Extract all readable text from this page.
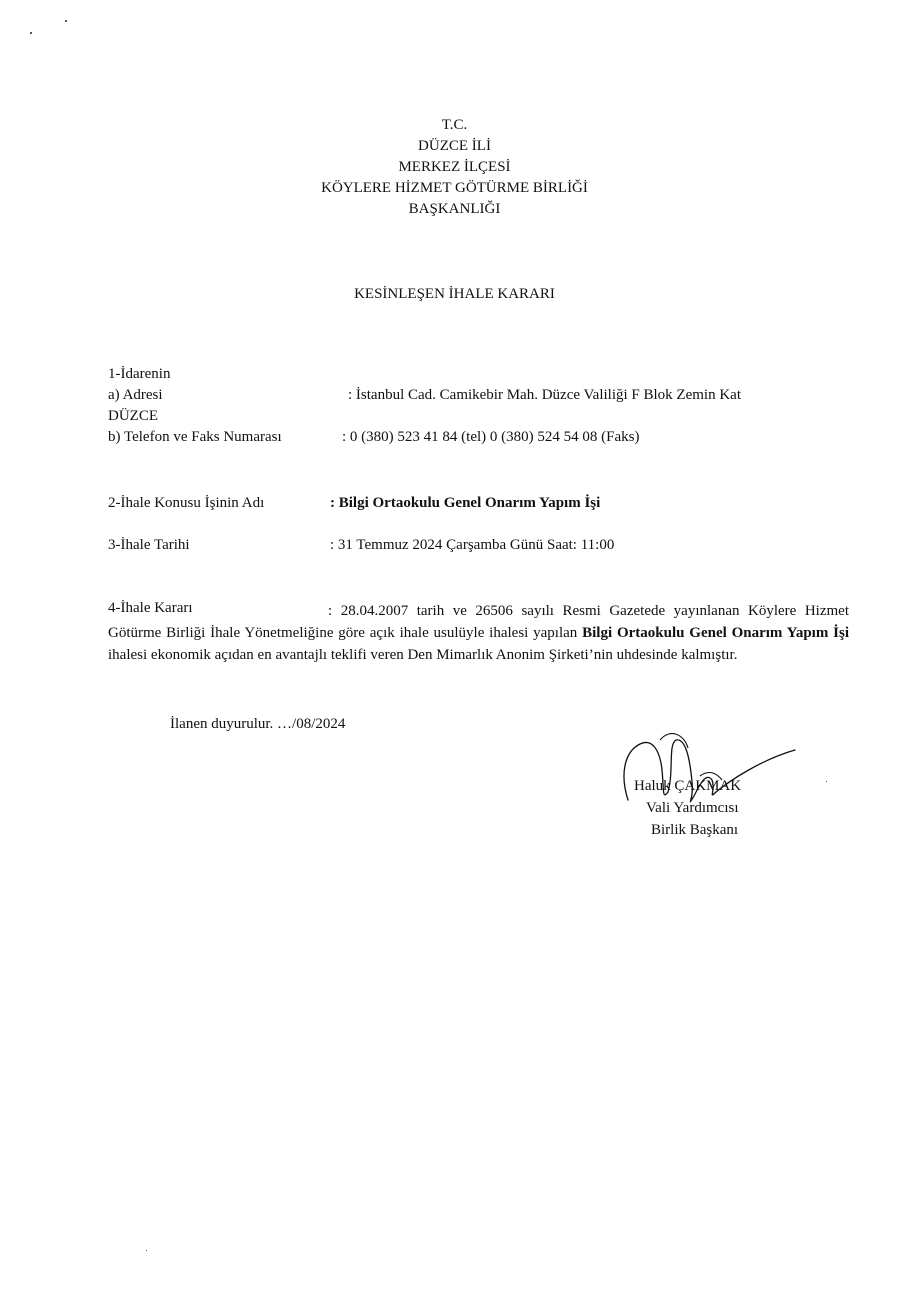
T.C.
DÜZCE İLİ
MERKEZ İLÇESİ
KÖYLERE HİZMET GÖTÜRME BİRLİĞİ
BAŞKANLIĞI
KESİNLEŞEN İHALE KARARI
1-İdarenin
a) Adresi	: İstanbul Cad. Camikebir Mah. Düzce Valiliği F Blok Zemin Kat
DÜZCE
b) Telefon ve Faks Numarası	: 0 (380) 523 41 84 (tel) 0 (380) 524 54 08 (Faks)
2-İhale Konusu İşinin Adı	: Bilgi Ortaokulu Genel Onarım Yapım İşi
3-İhale Tarihi	: 31 Temmuz 2024 Çarşamba Günü Saat: 11:00
4-İhale Kararı	: 28.04.2007 tarih ve 26506 sayılı Resmi Gazetede yayınlanan Köylere Hizmet Götürme Birliği İhale Yönetmeliğine göre açık ihale usulüyle ihalesi yapılan Bilgi Ortaokulu Genel Onarım Yapım İşi ihalesi ekonomik açıdan en avantajlı teklifi veren Den Mimarlık Anonim Şirketi’nin uhdesinde kalmıştır.
İlanen duyurulur. …/08/2024
Haluk ÇAKMAK
Vali Yardımcısı
Birlik Başkanı
